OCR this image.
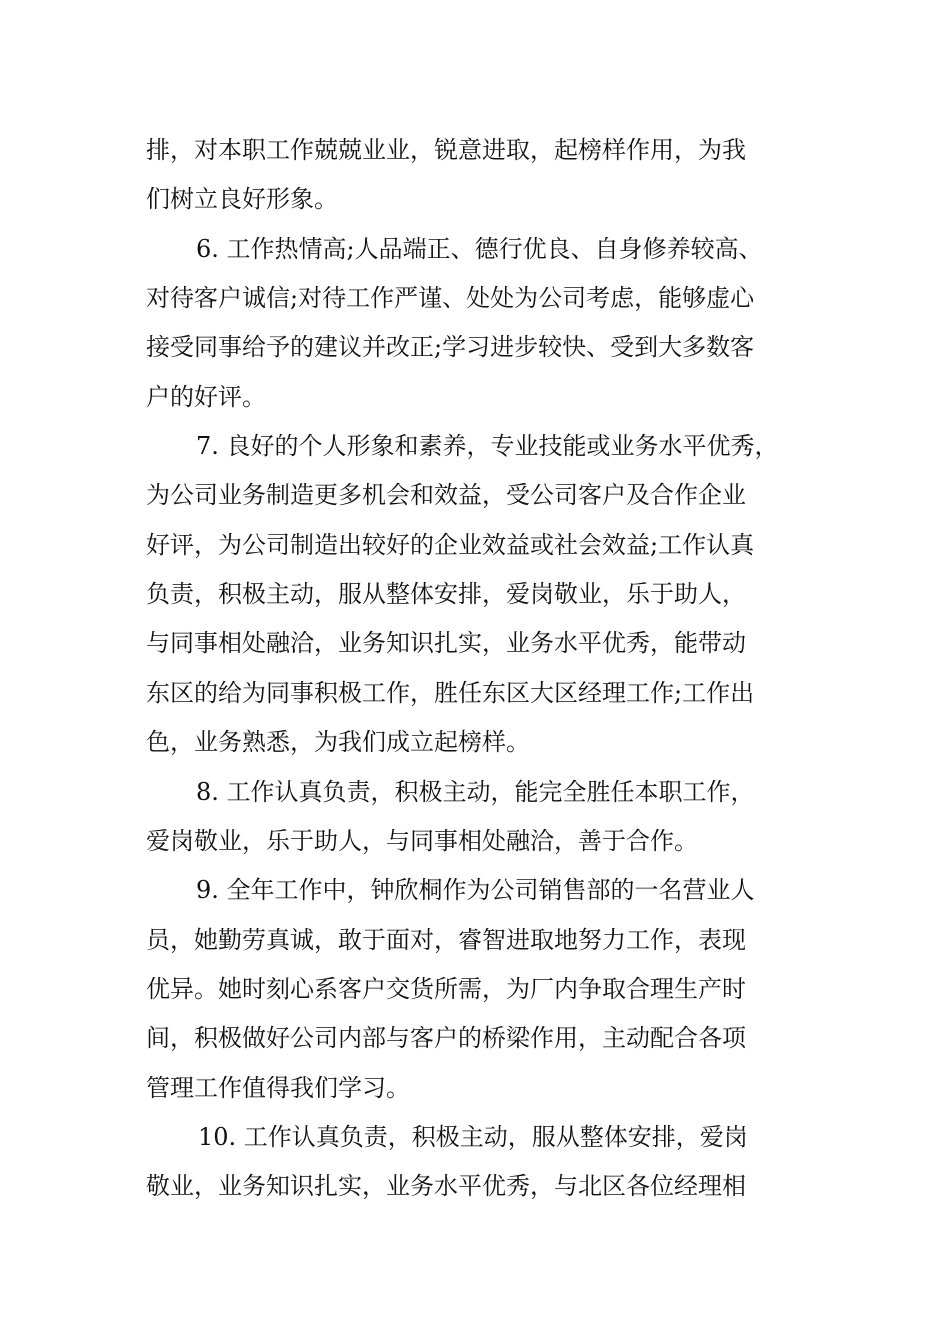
排，对本职工作兢兢业业，锐意进取，起榜样作用，为我
们树立良好形象。
6. 工作热情高;人品端正、德行优良、自身修养较高、
对待客户诚信;对待工作严谨、处处为公司考虑，能够虚心
接受同事给予的建议并改正;学习进步较快、受到大多数客
户的好评。
7. 良好的个人形象和素养，专业技能或业务水平优秀，
为公司业务制造更多机会和效益，受公司客户及合作企业
好评，为公司制造出较好的企业效益或社会效益;工作认真
负责，积极主动，服从整体安排，爱岗敬业，乐于助人，
与同事相处融洽，业务知识扎实，业务水平优秀，能带动
东区的给为同事积极工作，胜任东区大区经理工作;工作出
色，业务熟悉，为我们成立起榜样。
8. 工作认真负责，积极主动，能完全胜任本职工作，
爱岗敬业，乐于助人，与同事相处融洽，善于合作。
9. 全年工作中，钟欣桐作为公司销售部的一名营业人
员，她勤劳真诚，敢于面对，睿智进取地努力工作，表现
优异。她时刻心系客户交货所需，为厂内争取合理生产时
间，积极做好公司内部与客户的桥梁作用，主动配合各项
管理工作值得我们学习。
10. 工作认真负责，积极主动，服从整体安排，爱岗
敬业，业务知识扎实，业务水平优秀，与北区各位经理相
